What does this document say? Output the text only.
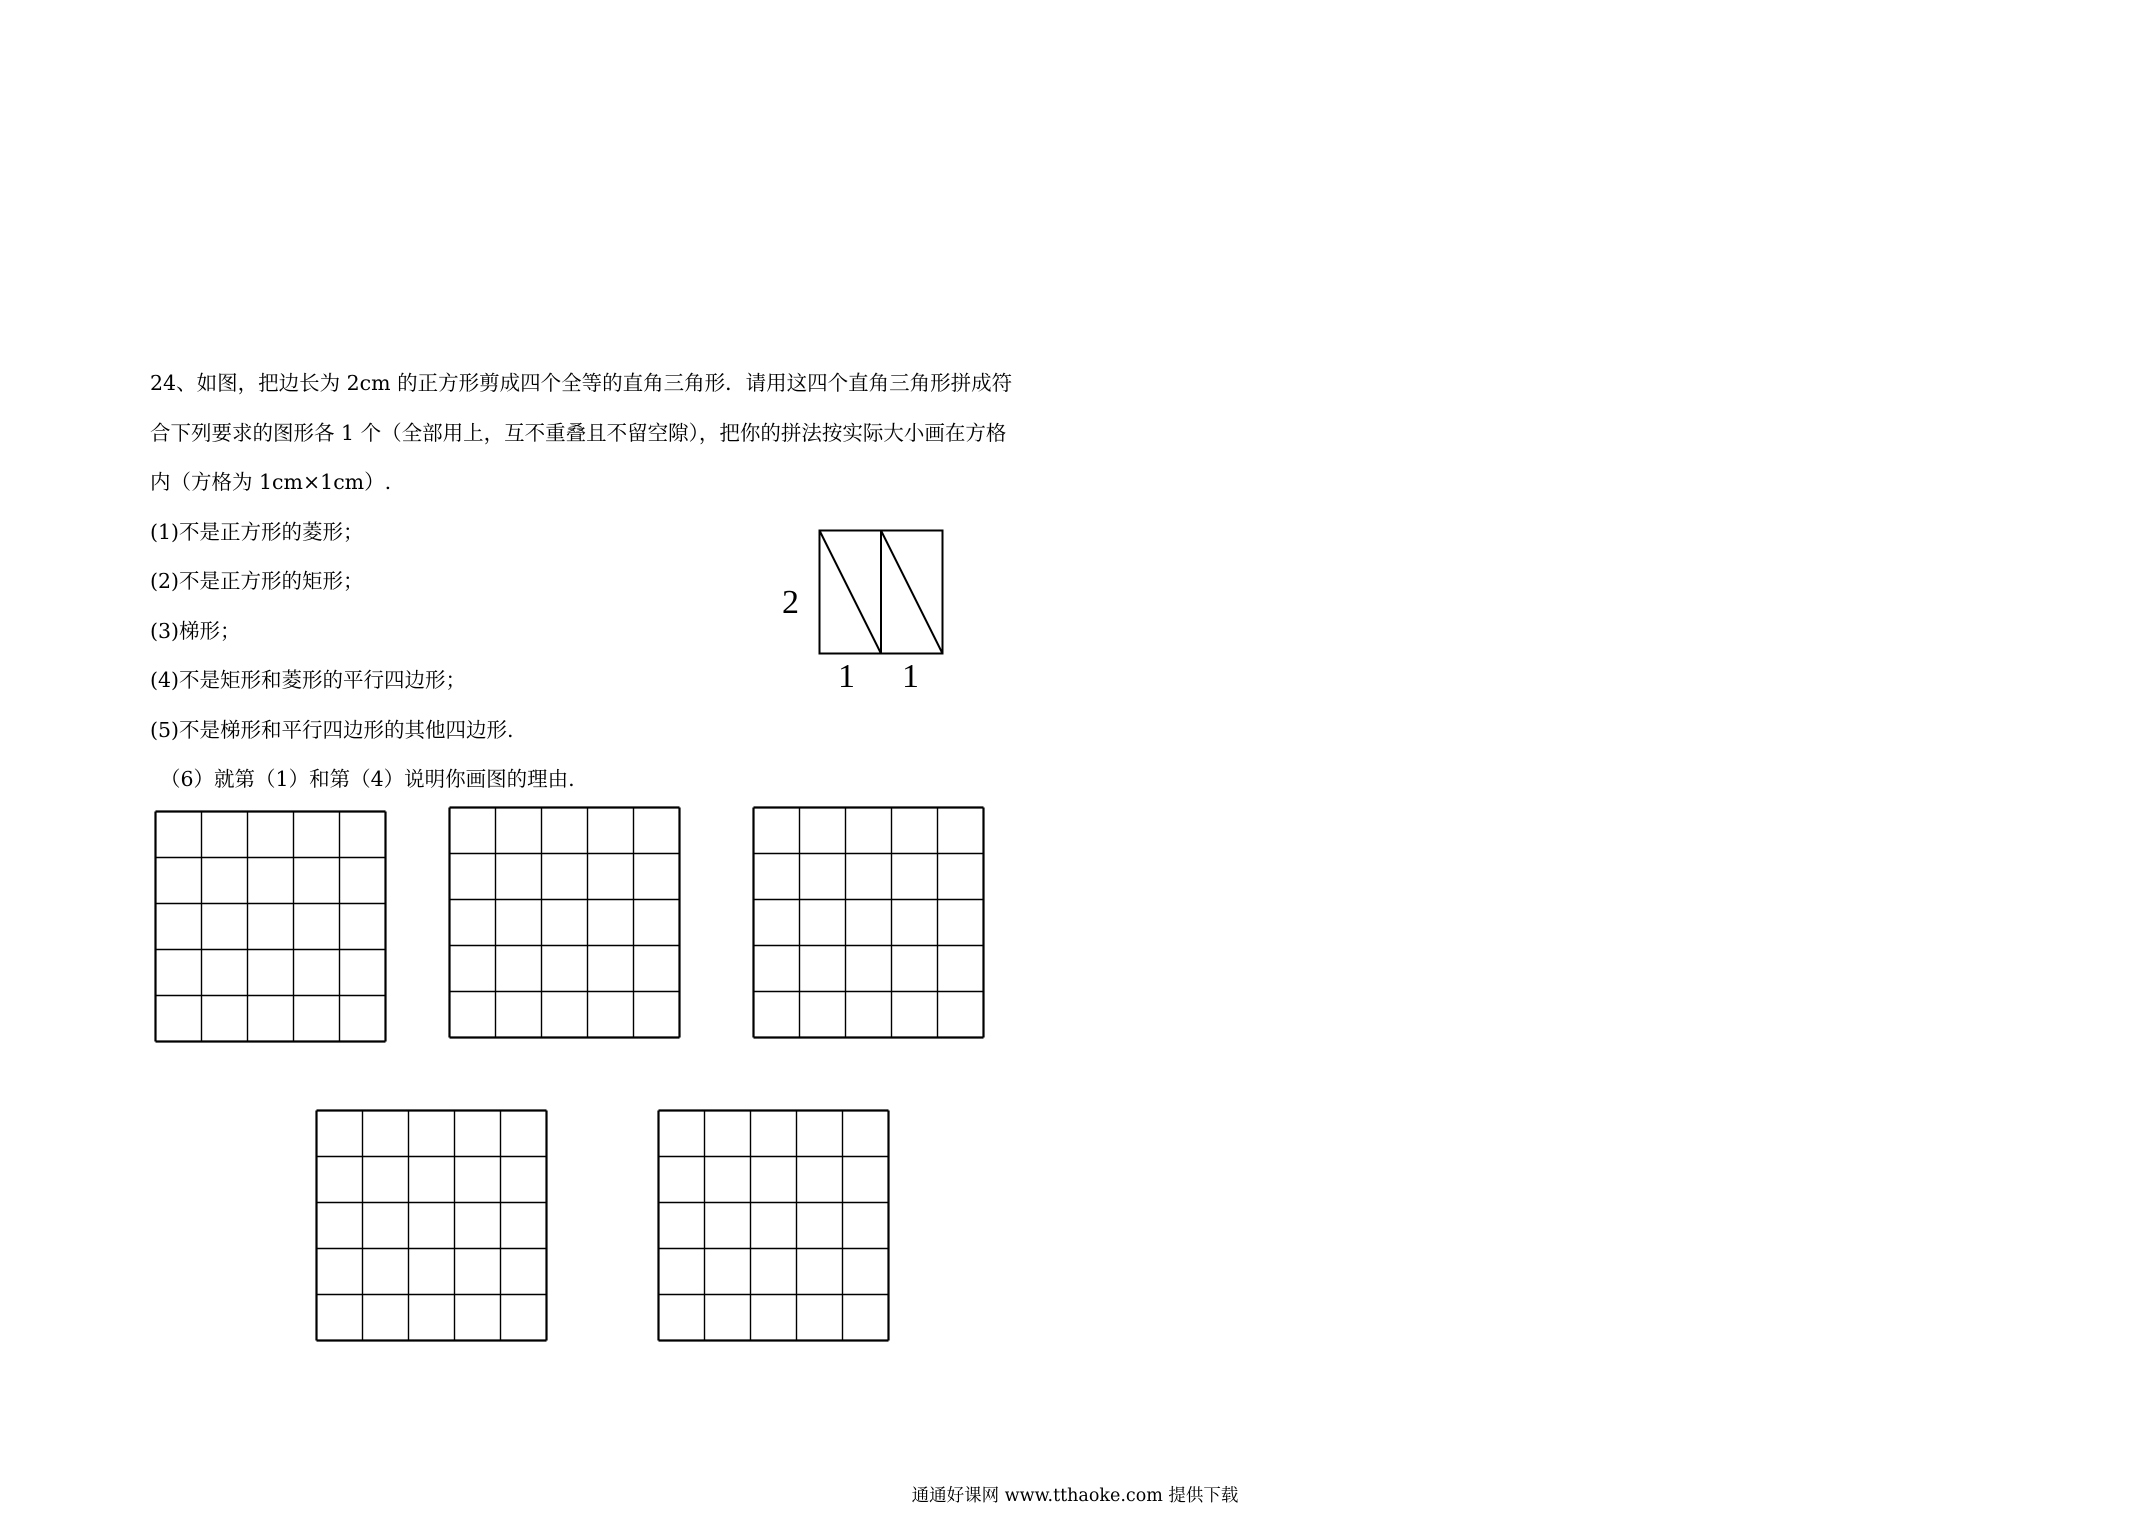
24、如图，把边长为 2cm 的正方形剪成四个全等的直角三角形．请用这四个直角三角形拼成符
合下列要求的图形各 1 个（全部用上，互不重叠且不留空隙），把你的拼法按实际大小画在方格
内（方格为 1cm×1cm）.
(1)不是正方形的菱形；
(2)不是正方形的矩形；
(3)梯形；
(4)不是矩形和菱形的平行四边形；
(5)不是梯形和平行四边形的其他四边形.
（6）就第（1）和第（4）说明你画图的理由.
2
1 1
通通好课网 www.tthaoke.com 提供下载
